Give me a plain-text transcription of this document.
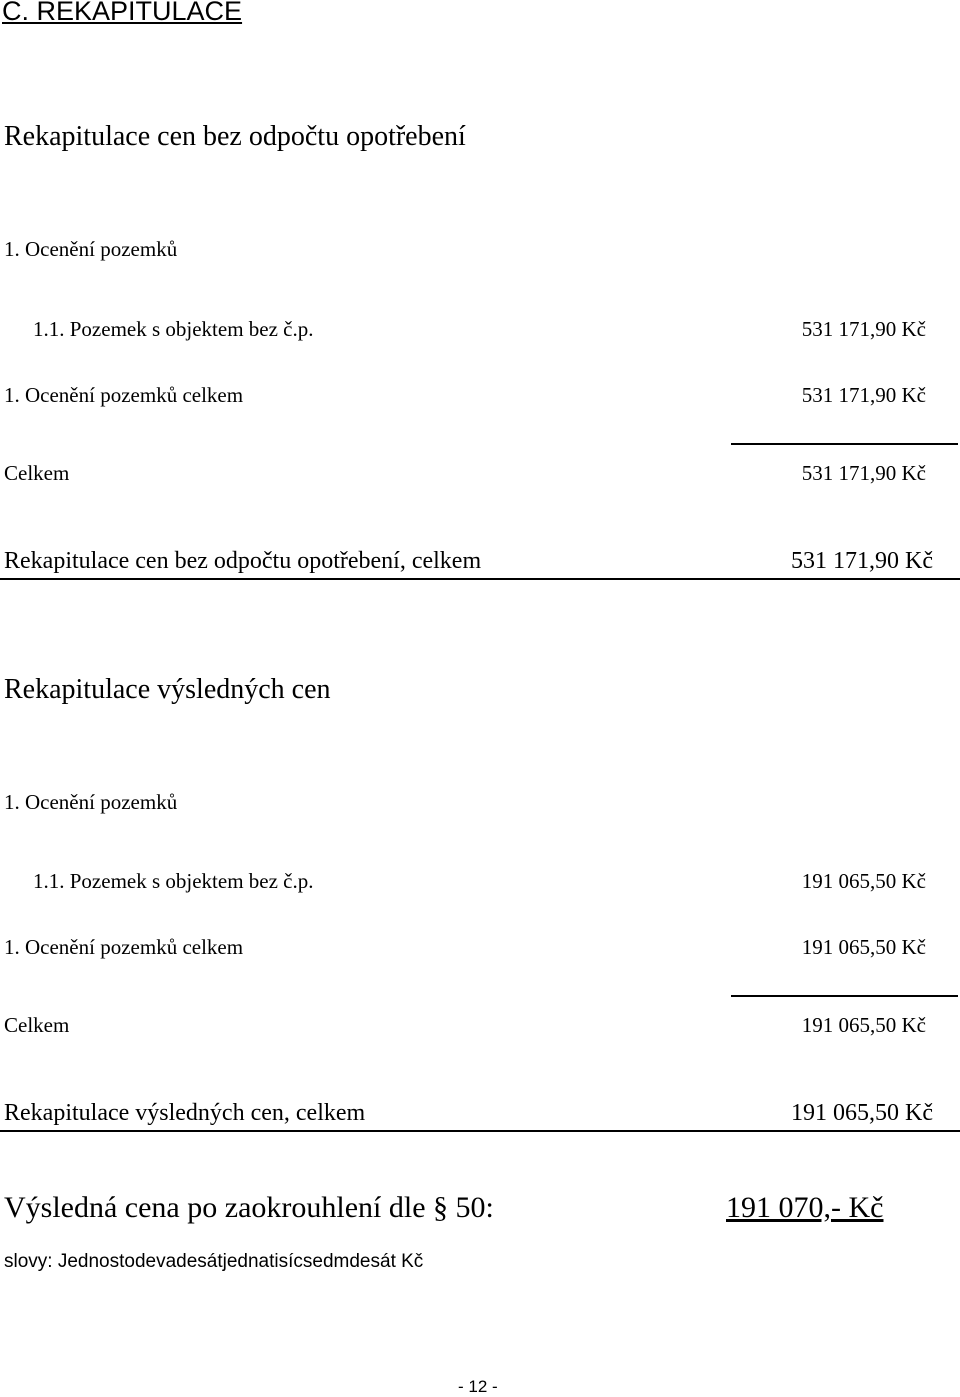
C. REKAPITULACE
Rekapitulace cen bez odpočtu opotřebení
1. Ocenění pozemků
1.1. Pozemek s objektem bez č.p.	531 171,90 Kč
1. Ocenění pozemků celkem	531 171,90 Kč
Celkem	531 171,90 Kč
Rekapitulace cen bez odpočtu opotřebení, celkem	531 171,90 Kč
Rekapitulace výsledných cen
1. Ocenění pozemků
1.1. Pozemek s objektem bez č.p.	191 065,50 Kč
1. Ocenění pozemků celkem	191 065,50 Kč
Celkem	191 065,50 Kč
Rekapitulace výsledných cen, celkem	191 065,50 Kč
Výsledná cena po zaokrouhlení dle § 50:	191 070,- Kč
slovy: Jednostodevadesátjednatisícsedmdesát Kč
- 12 -
